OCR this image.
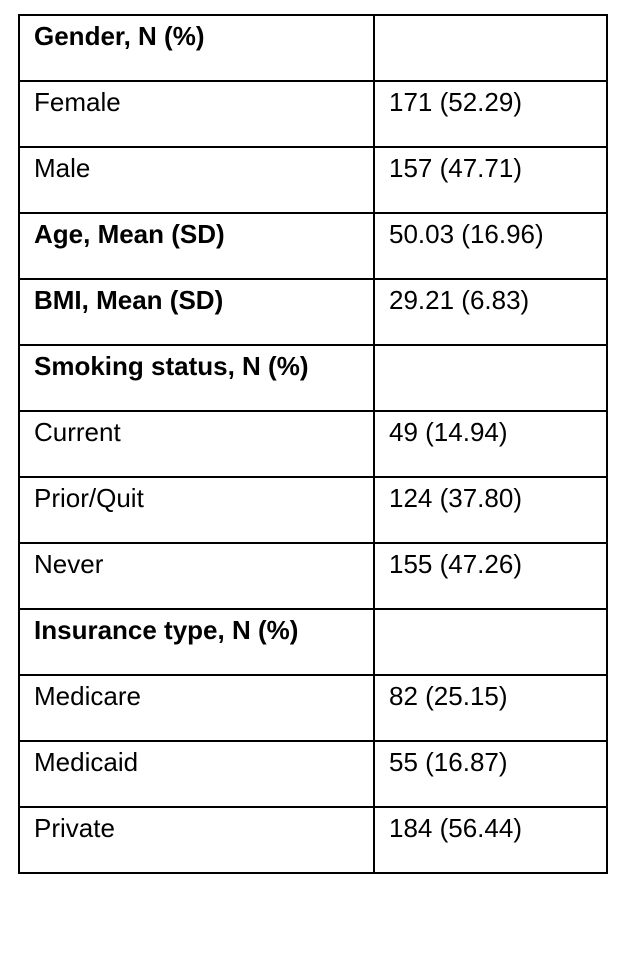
Gender, N (%)	

Female	171 (52.29)

Male	157 (47.71)

Age, Mean (SD)	50.03 (16.96)

BMI, Mean (SD)	29.21 (6.83)

Smoking status, N (%)	

Current	49 (14.94)

Prior/Quit	124 (37.80)

Never	155 (47.26)

Insurance type, N (%)	

Medicare	82 (25.15)

Medicaid	55 (16.87)

Private	184 (56.44)
